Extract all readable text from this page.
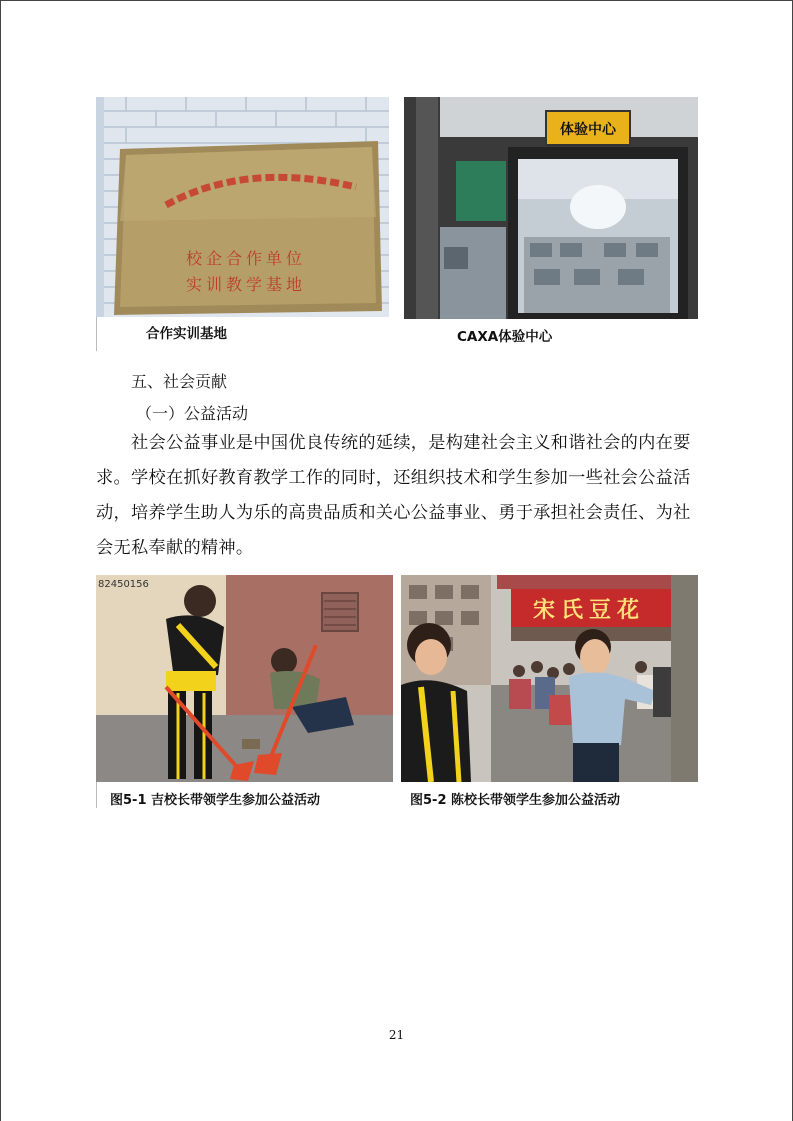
校企合作单位
实训教学基地
合作实训基地
体验中心
CAXA体验中心
五、社会贡献
（一）公益活动
社会公益事业是中国优良传统的延续，是构建社会主义和谐社会的内在要求。学校在抓好教育教学工作的同时，还组织技术和学生参加一些社会公益活动，培养学生助人为乐的高贵品质和关心公益事业、勇于承担社会责任、为社会无私奉献的精神。
82450156
图5-1 吉校长带领学生参加公益活动
宋氏豆花
图5-2 陈校长带领学生参加公益活动
21
